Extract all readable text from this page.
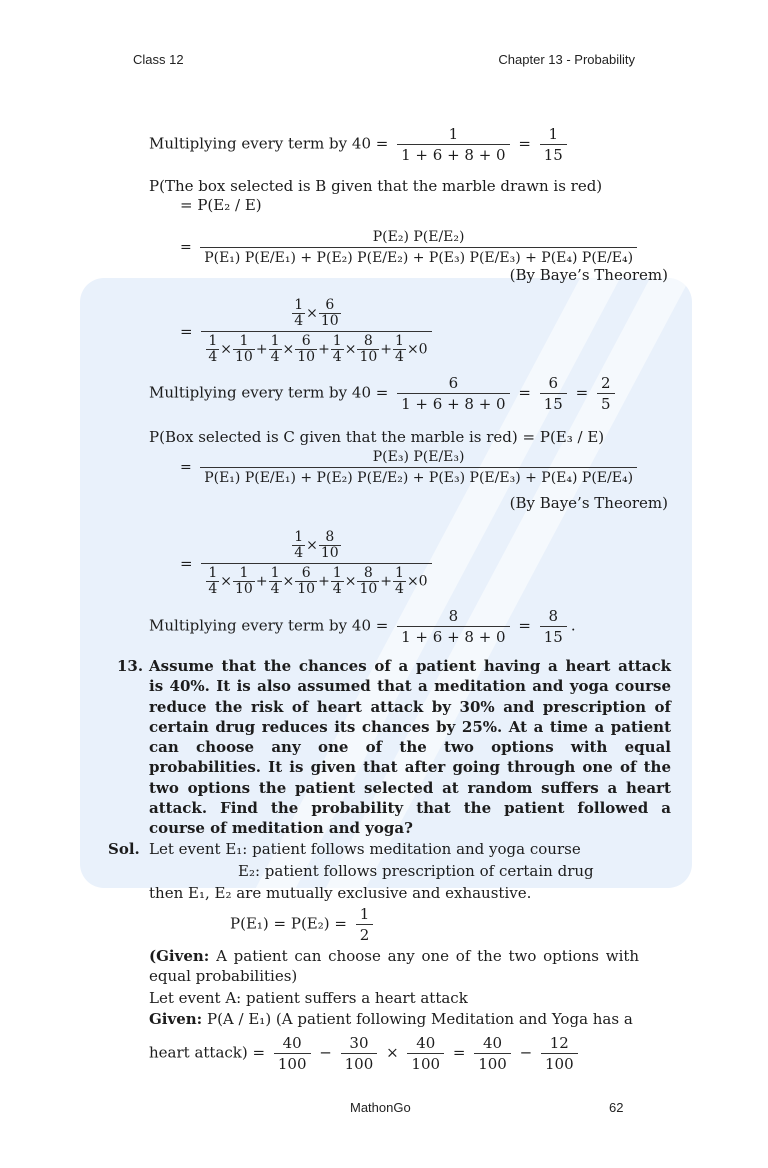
Class 12	Chapter 13 - Probability
Multiplying every term by $40 = \frac{1}{1 + 6 + 8 + 0} = \frac{1}{15}$
P(The box selected is B given that the marble drawn is red)
= P(E₂ / E)
=
P(E₂) P(E/E₂)
P(E₁) P(E/E₁) + P(E₂) P(E/E₂) + P(E₃) P(E/E₃) + P(E₄) P(E/E₄)
(By Baye’s Theorem)
= $\frac{\frac{1}{4} \times \frac{6}{10}}{\frac{1}{4} \times \frac{1}{10} + \frac{1}{4} \times \frac{6}{10} + \frac{1}{4} \times \frac{8}{10} + \frac{1}{4} \times 0}$
Multiplying every term by $40 = \frac{6}{1 + 6 + 8 + 0} = \frac{6}{15} = \frac{2}{5}$
P(Box selected is C given that the marble is red) = P(E₃ / E)
=
P(E₃) P(E/E₃)
P(E₁) P(E/E₁) + P(E₂) P(E/E₂) + P(E₃) P(E/E₃) + P(E₄) P(E/E₄)
(By Baye’s Theorem)
= $\frac{\frac{1}{4} \times \frac{8}{10}}{\frac{1}{4} \times \frac{1}{10} + \frac{1}{4} \times \frac{6}{10} + \frac{1}{4} \times \frac{8}{10} + \frac{1}{4} \times 0}$
Multiplying every term by $40 = \frac{8}{1 + 6 + 8 + 0} = \frac{8}{15}$ .
13. Assume that the chances of a patient having a heart attack
is 40%. It is also assumed that a meditation and yoga course
reduce the risk of heart attack by 30% and prescription of
certain drug reduces its chances by 25%. At a time a patient
can choose any one of the two options with equal
probabilities. It is given that after going through one of the
two options the patient selected at random suffers a heart
attack. Find the probability that the patient followed a
course of meditation and yoga?
Sol. Let event E₁: patient follows meditation and yoga course
E₂: patient follows prescription of certain drug
then E₁, E₂ are mutually exclusive and exhaustive.
$P(E_1) = P(E_2) = \frac{1}{2}$
(Given: A patient can choose any one of the two options with
equal probabilities)
Let event A: patient suffers a heart attack
Given: P(A / E₁) (A patient following Meditation and Yoga has a
heart attack) = $\frac{40}{100} - \frac{30}{100} \times \frac{40}{100} = \frac{40}{100} - \frac{12}{100}$
MathonGo	62
